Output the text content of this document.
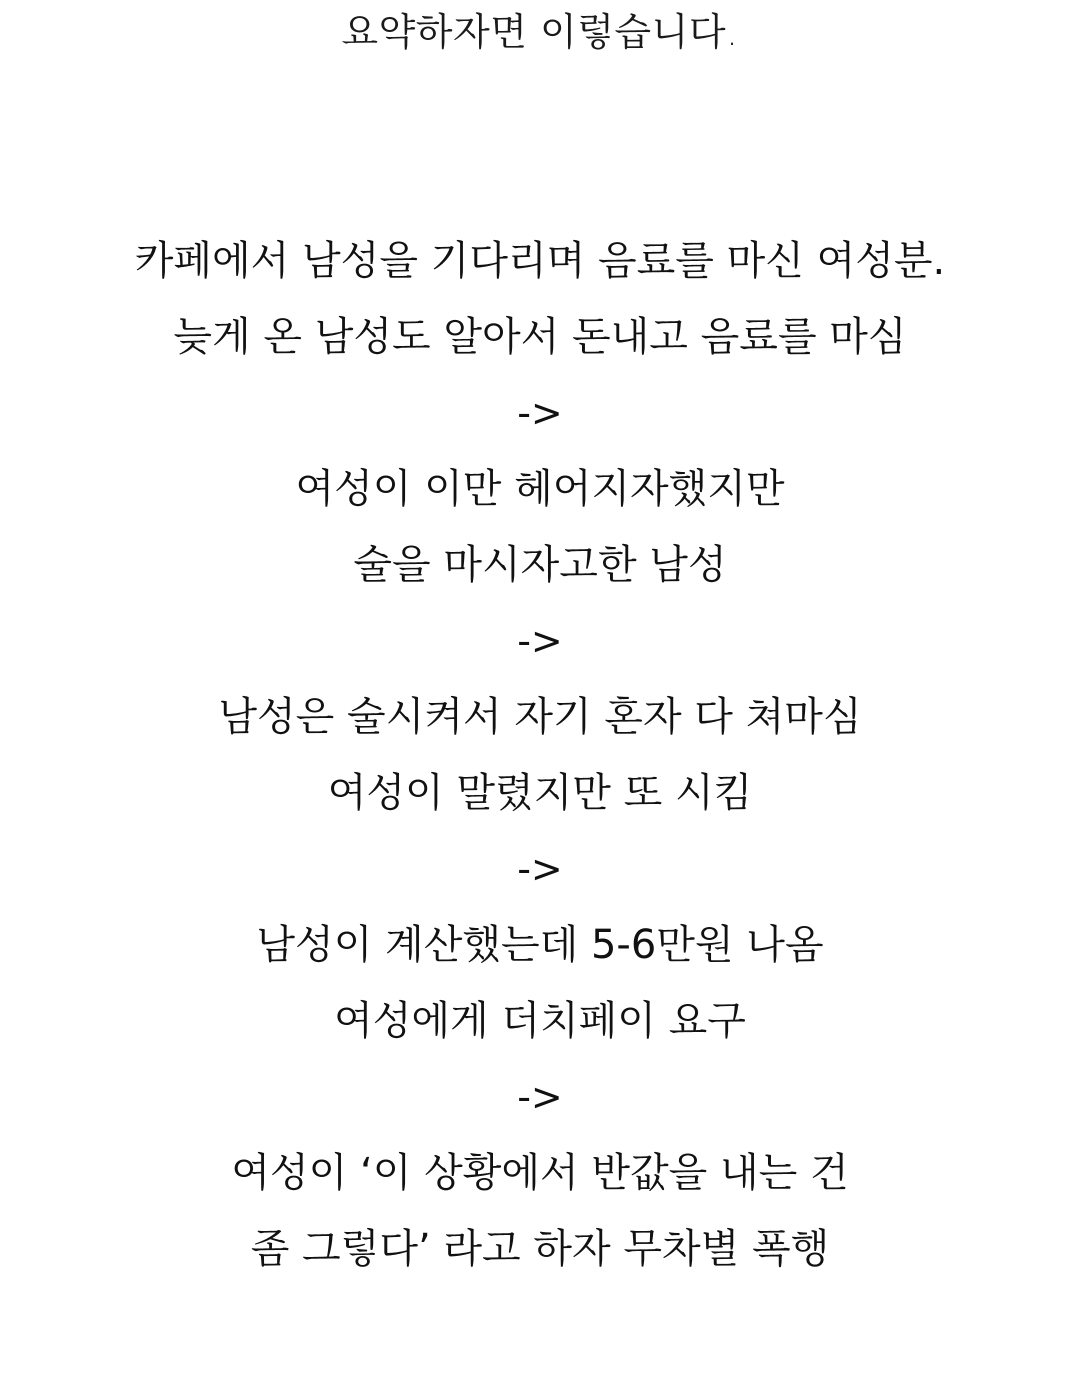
요약하자면 이렇습니다.
카페에서 남성을 기다리며 음료를 마신 여성분.
늦게 온 남성도 알아서 돈내고 음료를 마심
->
여성이 이만 헤어지자했지만
술을 마시자고한 남성
->
남성은 술시켜서 자기 혼자 다 쳐마심
여성이 말렸지만 또 시킴
->
남성이 계산했는데 5-6만원 나옴
여성에게 더치페이 요구
->
여성이 ‘이 상황에서 반값을 내는 건
좀 그렇다’ 라고 하자 무차별 폭행
